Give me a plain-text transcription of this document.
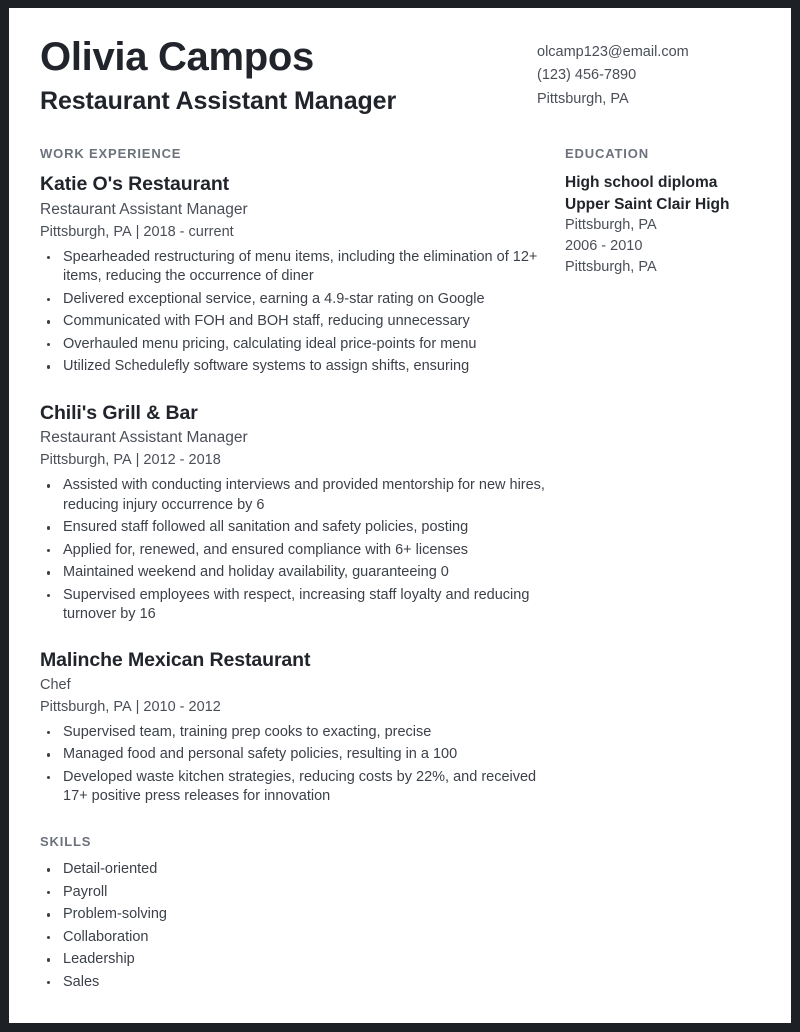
Olivia Campos
Restaurant Assistant Manager
olcamp123@email.com
(123) 456-7890
Pittsburgh, PA
WORK EXPERIENCE
Katie O's Restaurant
Restaurant Assistant Manager
Pittsburgh, PA | 2018 - current
Spearheaded restructuring of menu items, including the elimination of 12+ items, reducing the occurrence of diner
Delivered exceptional service, earning a 4.9-star rating on Google
Communicated with FOH and BOH staff, reducing unnecessary
Overhauled menu pricing, calculating ideal price-points for menu
Utilized Schedulefly software systems to assign shifts, ensuring
Chili's Grill & Bar
Restaurant Assistant Manager
Pittsburgh, PA | 2012 - 2018
Assisted with conducting interviews and provided mentorship for new hires, reducing injury occurrence by 6
Ensured staff followed all sanitation and safety policies, posting
Applied for, renewed, and ensured compliance with 6+ licenses
Maintained weekend and holiday availability, guaranteeing 0
Supervised employees with respect, increasing staff loyalty and reducing turnover by 16
Malinche Mexican Restaurant
Chef
Pittsburgh, PA | 2010 - 2012
Supervised team, training prep cooks to exacting, precise
Managed food and personal safety policies, resulting in a 100
Developed waste kitchen strategies, reducing costs by 22%, and received 17+ positive press releases for innovation
SKILLS
Detail-oriented
Payroll
Problem-solving
Collaboration
Leadership
Sales
EDUCATION
High school diploma
Upper Saint Clair High
Pittsburgh, PA
2006 - 2010
Pittsburgh, PA
